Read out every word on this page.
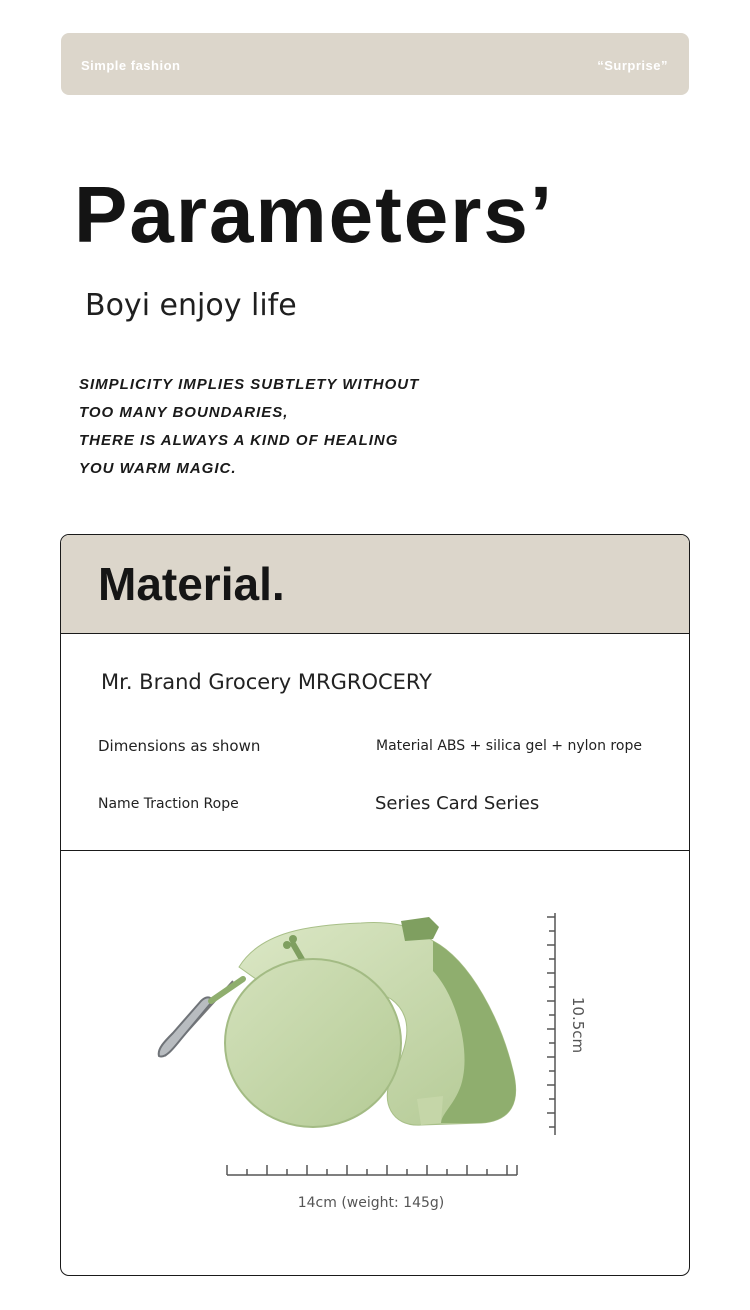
Simple fashion	“Surprise”
Parameters’
Boyi enjoy life
SIMPLICITY IMPLIES SUBTLETY WITHOUT
TOO MANY BOUNDARIES,
THERE IS ALWAYS A KIND OF HEALING
YOU WARM MAGIC.
Material.
Mr. Brand Grocery MRGROCERY
Dimensions as shown	Material ABS + silica gel + nylon rope
Name Traction Rope	Series Card Series
10.5cm
14cm (weight: 145g)
